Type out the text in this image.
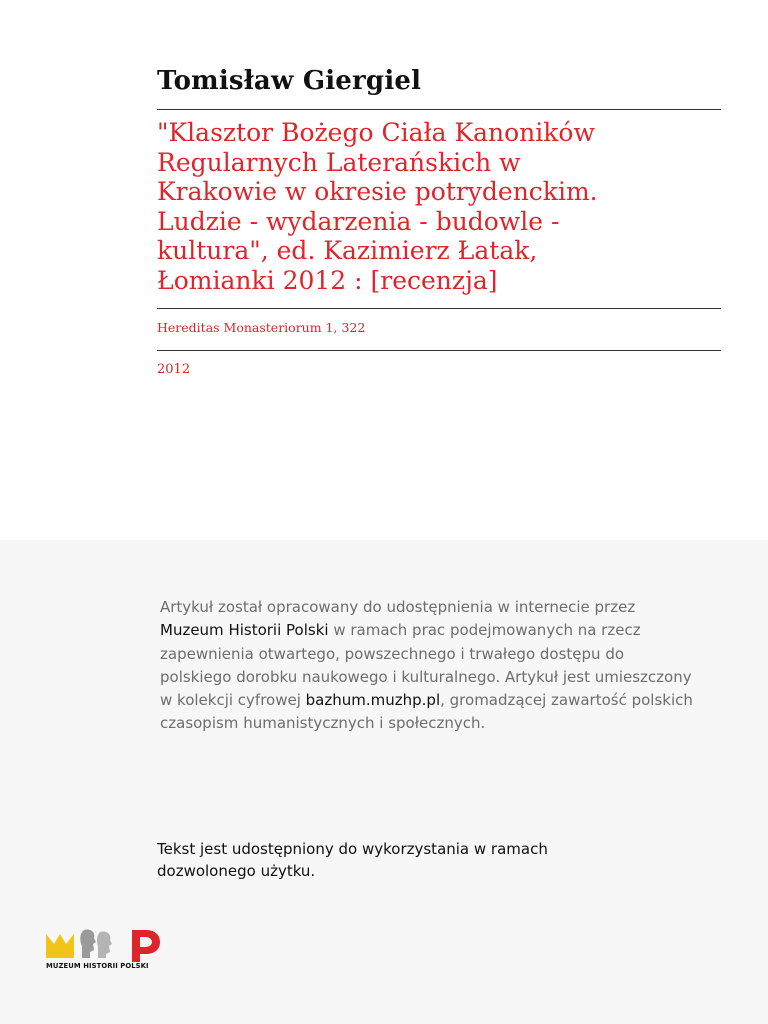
Tomisław Giergiel
"Klasztor Bożego Ciała Kanoników
Regularnych Laterańskich w
Krakowie w okresie potrydenckim.
Ludzie - wydarzenia - budowle -
kultura", ed. Kazimierz Łatak,
Łomianki 2012 : [recenzja]
Hereditas Monasteriorum 1, 322
2012
Artykuł został opracowany do udostępnienia w internecie przez
Muzeum Historii Polski w ramach prac podejmowanych na rzecz
zapewnienia otwartego, powszechnego i trwałego dostępu do
polskiego dorobku naukowego i kulturalnego. Artykuł jest umieszczony
w kolekcji cyfrowej bazhum.muzhp.pl, gromadzącej zawartość polskich
czasopism humanistycznych i społecznych.
Tekst jest udostępniony do wykorzystania w ramach
dozwolonego użytku.
MUZEUM HISTORII POLSKI
